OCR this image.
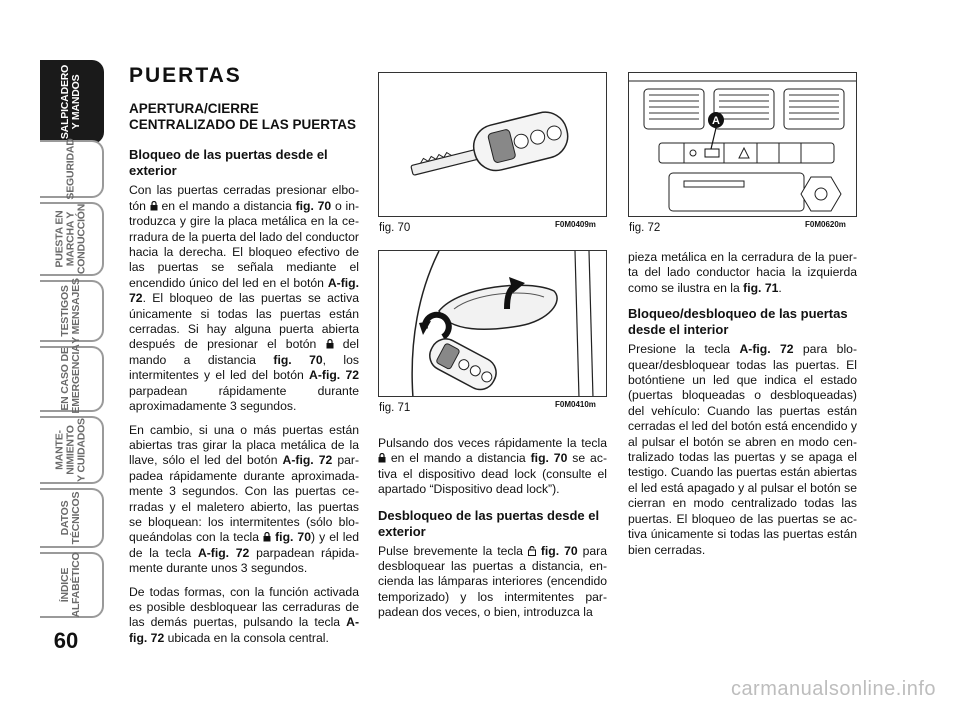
SALPICADERO
Y MANDOS
SEGURIDAD
PUESTA EN
MARCHA Y
CONDUCCIÓN
TESTIGOS
Y MENSAJES
EN CASO DE
EMERGENCIA
MANTE-
NIMIENTO
Y CUIDADOS
DATOS
TÉCNICOS
ÍNDICE
ALFABÉTICO
60
PUERTAS
APERTURA/CIERRE CENTRALIZADO DE LAS PUERTAS
Bloqueo de las puertas desde el exterior

Con las puertas cerradas presionar elbotón en el mando a distancia fig. 70 o introduzca y gire la placa metálica en la cerradura de la puerta del lado del conductor hacia la derecha. El bloqueo efectivo de las puertas se señala mediante el encendido único del led en el botón A-fig. 72. El bloqueo de las puertas se activa únicamente si todas las puertas están cerradas. Si hay alguna puerta abierta después de presionar el botón del mando a distancia fig. 70, los intermitentes y el led del botón A-fig. 72 parpadean rápidamente durante aproximadamente 3 segundos.

En cambio, si una o más puertas están abiertas tras girar la placa metálica de la llave, sólo el led del botón A-fig. 72 parpadea rápidamente durante aproximadamente 3 segundos. Con las puertas cerradas y el maletero abierto, las puertas se bloquean: los intermitentes (sólo bloqueándolas con la tecla fig. 70) y el led de la tecla A-fig. 72 parpadean rápidamente durante unos 3 segundos.

De todas formas, con la función activada es posible desbloquear las cerraduras de las demás puertas, pulsando la tecla A-fig. 72 ubicada en la consola central.

fig. 70	F0M0409m
fig. 71	F0M0410m

Pulsando dos veces rápidamente la tecla  en el mando a distancia fig. 70 se activa el dispositivo dead lock (consulte el apartado “Dispositivo dead lock”).

Desbloqueo de las puertas desde el exterior

Pulse brevemente la tecla fig. 70 para desbloquear las puertas a distancia, encienda las lámparas interiores (encendido temporizado) y los intermitentes parpadean dos veces, o bien, introduzca la

A
fig. 72	F0M0620m

pieza metálica en la cerradura de la puerta del lado conductor hacia la izquierda como se ilustra en la fig. 71.

Bloqueo/desbloqueo de las puertas desde el interior

Presione la tecla A-fig. 72 para bloquear/desbloquear todas las puertas. El botóntiene un led que indica el estado (puertas bloqueadas o desbloqueadas) del vehículo: Cuando las puertas están cerradas el led del botón está encendido y al pulsar el botón se abren en modo centralizado todas las puertas y se apaga el testigo. Cuando las puertas están abiertas el led está apagado y al pulsar el botón se cierran en modo centralizado todas las puertas. El bloqueo de las puertas se activa únicamente si todas las puertas están bien cerradas.

carmanualsonline.info
